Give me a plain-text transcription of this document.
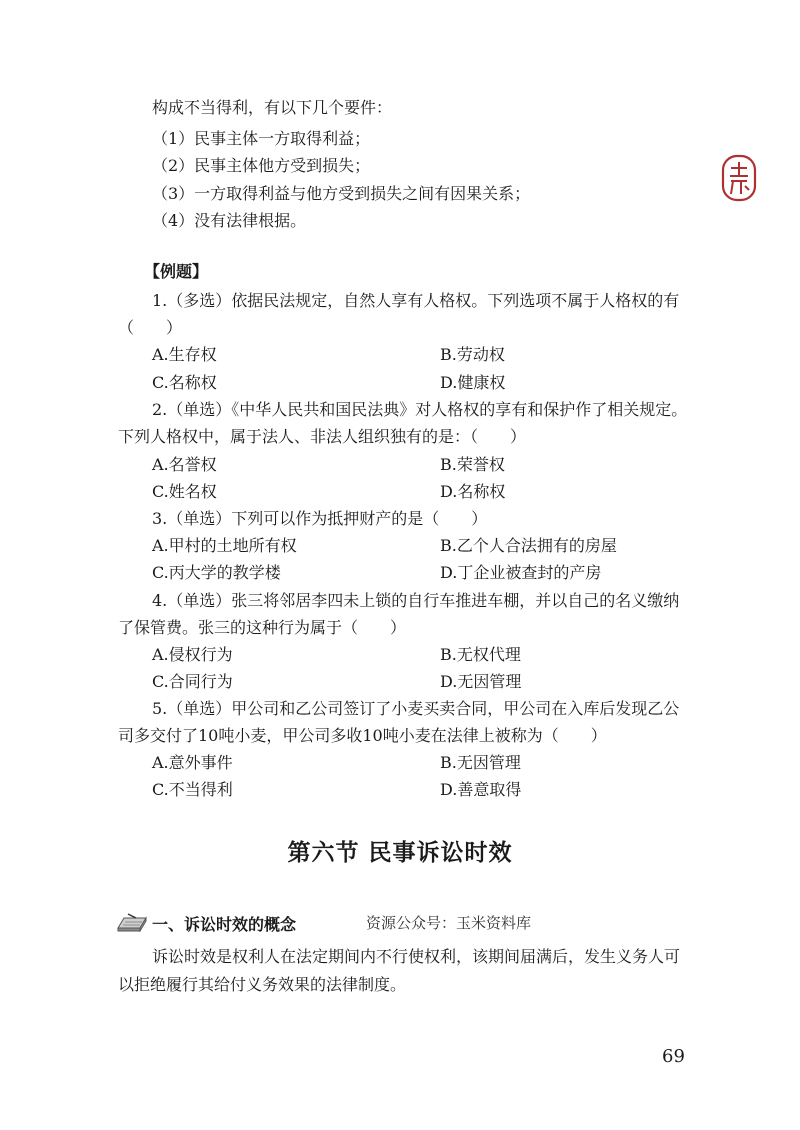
构成不当得利，有以下几个要件：
（1）民事主体一方取得利益；
（2）民事主体他方受到损失；
（3）一方取得利益与他方受到损失之间有因果关系；
（4）没有法律根据。
【例题】
1.（多选）依据民法规定，自然人享有人格权。下列选项不属于人格权的有
（　　）
A.生存权	B.劳动权
C.名称权	D.健康权
2.（单选）《中华人民共和国民法典》对人格权的享有和保护作了相关规定。
下列人格权中，属于法人、非法人组织独有的是：（　　）
A.名誉权	B.荣誉权
C.姓名权	D.名称权
3.（单选）下列可以作为抵押财产的是（　　）
A.甲村的土地所有权	B.乙个人合法拥有的房屋
C.丙大学的教学楼	D.丁企业被查封的产房
4.（单选）张三将邻居李四未上锁的自行车推进车棚，并以自己的名义缴纳
了保管费。张三的这种行为属于（　　）
A.侵权行为	B.无权代理
C.合同行为	D.无因管理
5.（单选）甲公司和乙公司签订了小麦买卖合同，甲公司在入库后发现乙公
司多交付了10吨小麦，甲公司多收10吨小麦在法律上被称为（　　）
A.意外事件	B.无因管理
C.不当得利	D.善意取得
第六节 民事诉讼时效
一、诉讼时效的概念	资源公众号：玉米资料库
诉讼时效是权利人在法定期间内不行使权利，该期间届满后，发生义务人可
以拒绝履行其给付义务效果的法律制度。
69
